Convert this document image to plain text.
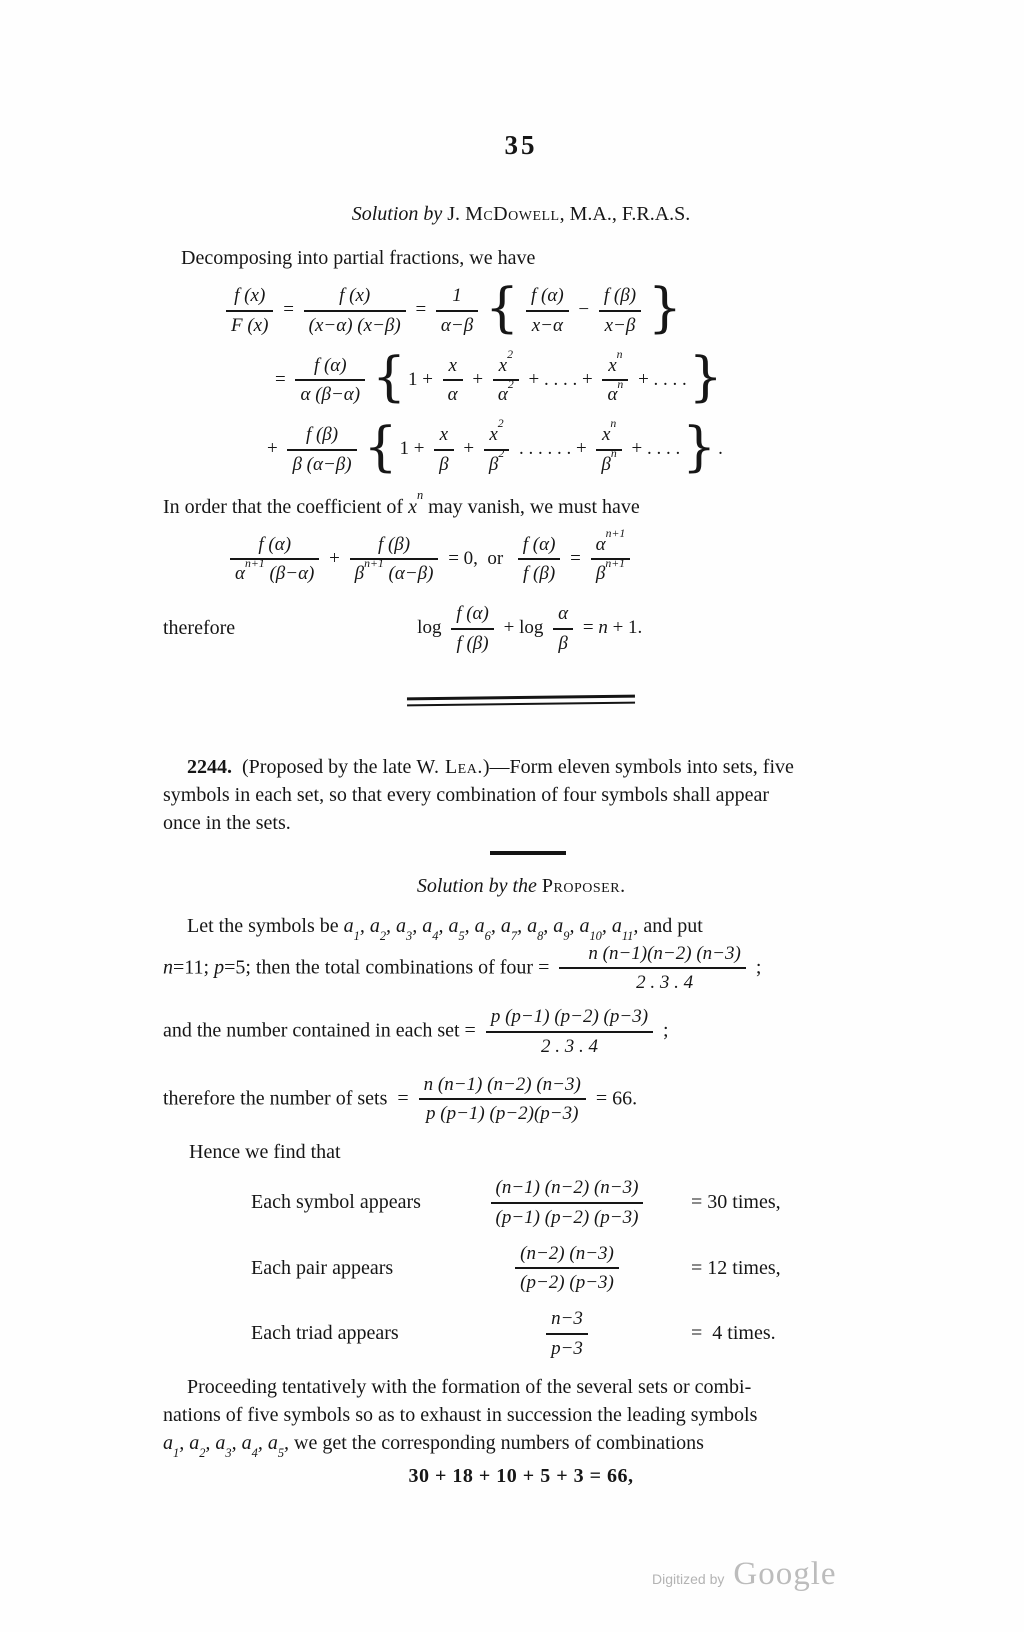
35
Solution by J. McDowell, M.A., F.R.A.S.

Decomposing into partial fractions, we have

$\frac{f (x)}{F (x)} = \frac{f (x)}{(x-\alpha) (x-\beta)} = \frac{1}{\alpha-\beta}$ { $\frac{f (\alpha)}{x-\alpha} - \frac{f (\beta)}{x-\beta}$ }
= $\frac{f (\alpha)}{\alpha (\beta-\alpha)}$ { $1 + \frac{x}{\alpha} + \frac{x^2}{\alpha^2}$ + . . . . + $\frac{x^n}{\alpha^n}$ + . . . .}
+ $\frac{f (\beta)}{\beta (\alpha-\beta)}$ { $1 + \frac{x}{\beta} + \frac{x^2}{\beta^2}$ . . . . . . + $\frac{x^n}{\beta^n}$ + . . . .} .

In order that the coefficient of $x^n$ may vanish, we must have

$\frac{f (\alpha)}{\alpha^{n+1} (\beta-\alpha)} + \frac{f (\beta)}{\beta^{n+1} (\alpha-\beta)} = 0$,  or $\frac{f (\alpha)}{f (\beta)} = \frac{\alpha^{n+1}}{\beta^{n+1}}$
therefore	$\log \frac{f (\alpha)}{f (\beta)} + \log \frac{\alpha}{\beta} = n + 1$.

2244.  (Proposed by the late W. Lea.)—Form eleven symbols into sets, five
symbols in each set, so that every combination of four symbols shall appear
once in the sets.

Solution by the Proposer.

Let the symbols be $a_1$, $a_2$, $a_3$, $a_4$, $a_5$, $a_6$, $a_7$, $a_8$, $a_9$, $a_{10}$, $a_{11}$, and put
n=11; p=5; then the total combinations of four = $\frac{n (n-1)(n-2) (n-3)}{2 . 3 . 4}$ ;

and the number contained in each set = $\frac{p (p-1) (p-2) (p-3)}{2 . 3 . 4}$ ;

therefore the number of sets  = $\frac{n (n-1) (n-2) (n-3)}{p (p-1) (p-2)(p-3)} = 66$.

Hence we find that

Each symbol appears	$\frac{(n-1) (n-2) (n-3)}{(p-1) (p-2) (p-3)} = 30$ times,
Each pair appears	$\frac{(n-2) (n-3)}{(p-2) (p-3)}$	= 12 times,
Each triad appears	$\frac{n-3}{p-3}$	=  4 times.

Proceeding tentatively with the formation of the several sets or combi-
nations of five symbols so as to exhaust in succession the leading symbols
$a_1$, $a_2$, $a_3$, $a_4$, $a_5$, we get the corresponding numbers of combinations

30 + 18 + 10 + 5 + 3 = 66,
Digitized by Google
